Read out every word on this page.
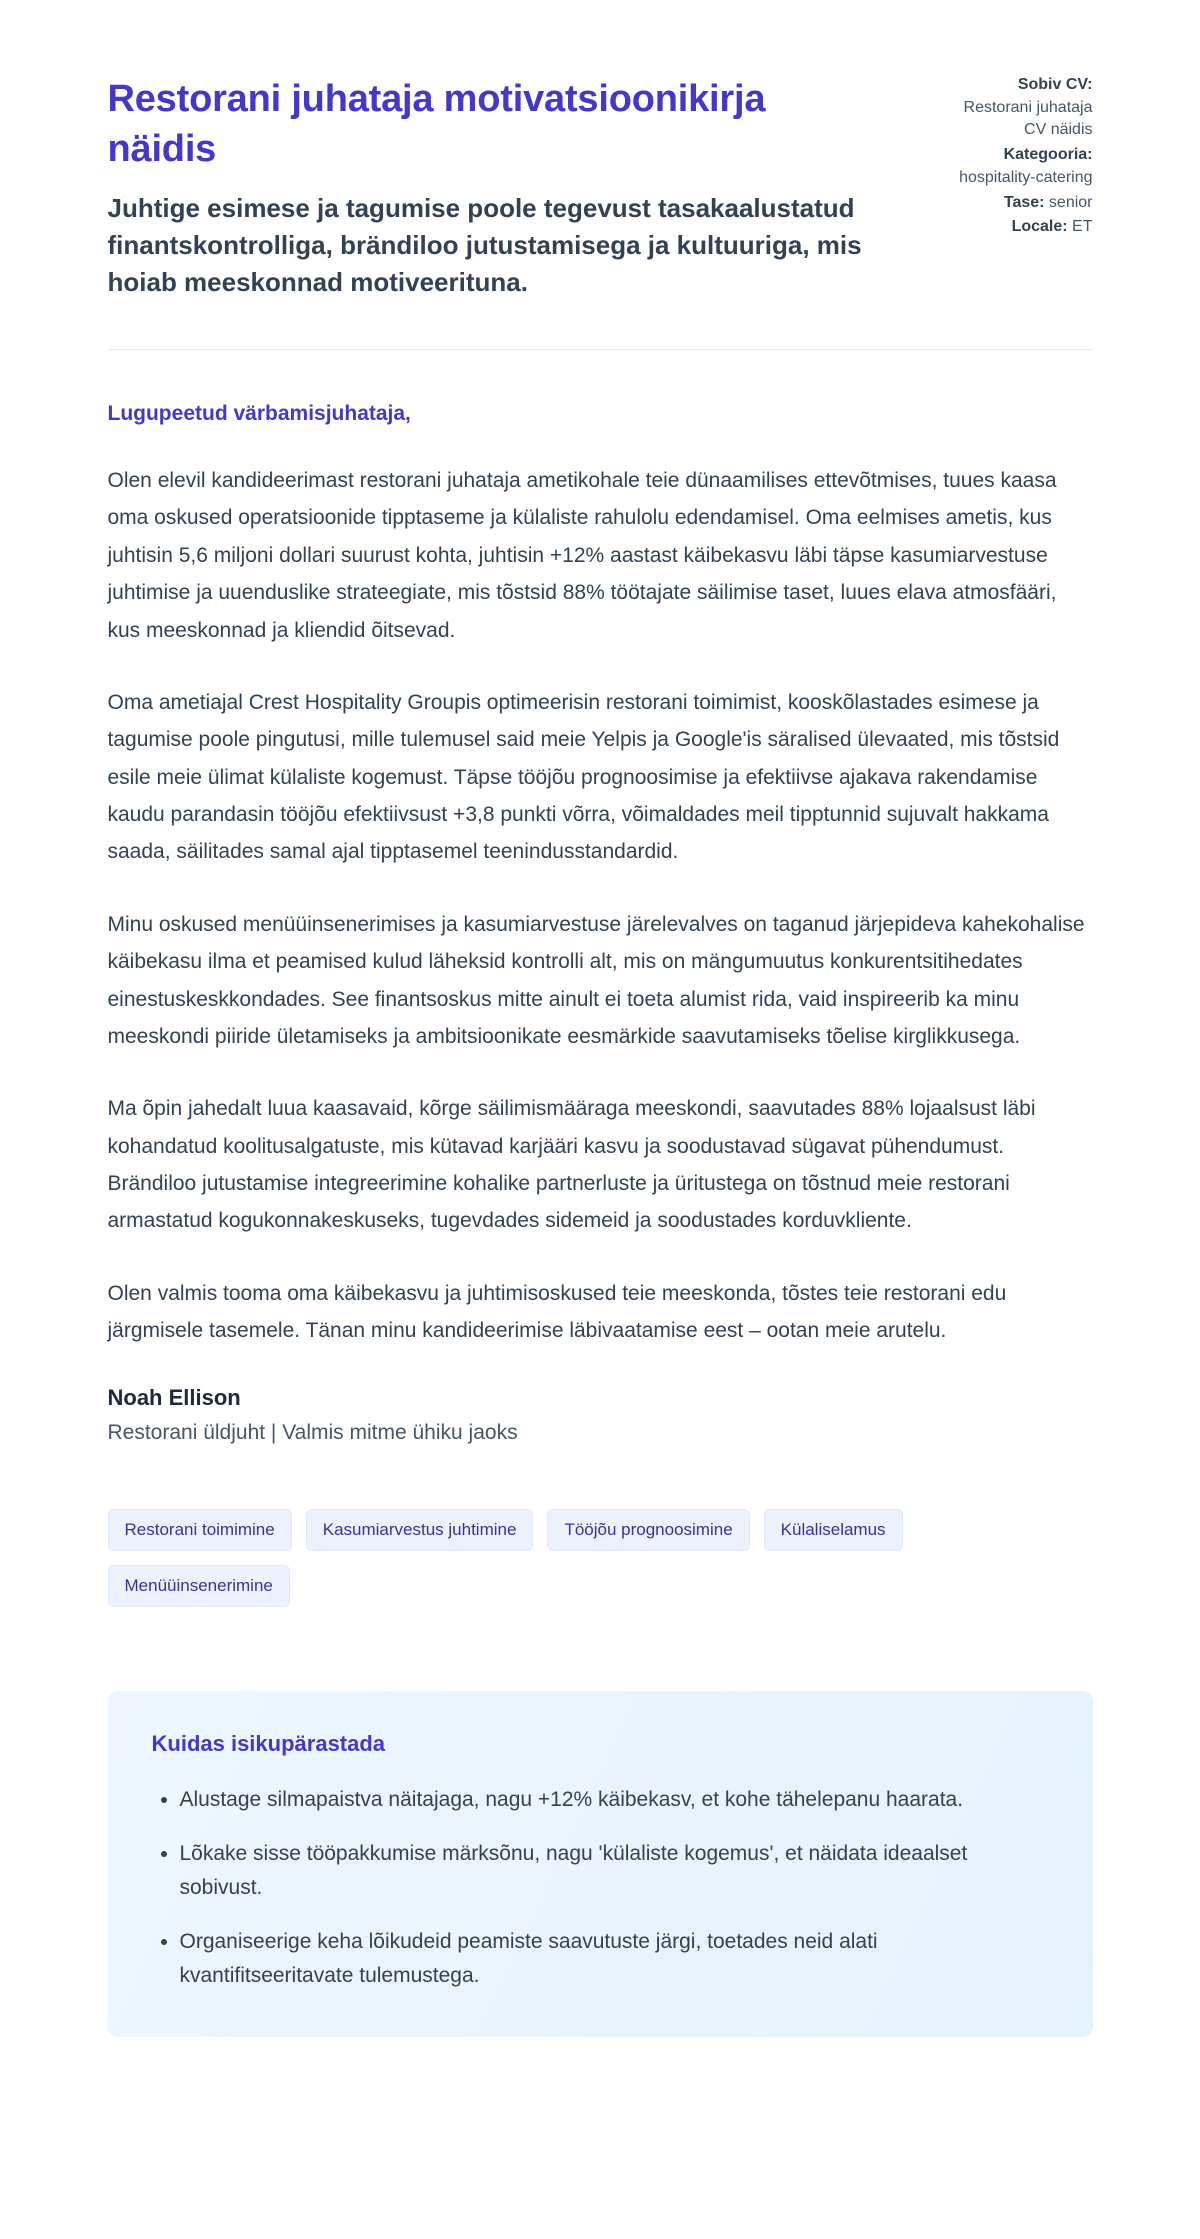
Restorani juhataja motivatsioonikirja näidis

Juhtige esimese ja tagumise poole tegevust tasakaalustatud finantskontrolliga, brändiloo jutustamisega ja kultuuriga, mis hoiab meeskonnad motiveerituna.

Sobiv CV: Restorani juhataja CV näidis
Kategooria: hospitality-catering
Tase: senior
Locale: ET

Lugupeetud värbamisjuhataja,

Olen elevil kandideerimast restorani juhataja ametikohale teie dünaamilises ettevõtmises, tuues kaasa oma oskused operatsioonide tipptaseme ja külaliste rahulolu edendamisel. Oma eelmises ametis, kus juhtisin 5,6 miljoni dollari suurust kohta, juhtisin +12% aastast käibekasvu läbi täpse kasumiarvestuse juhtimise ja uuenduslike strateegiate, mis tõstsid 88% töötajate säilimise taset, luues elava atmosfääri, kus meeskonnad ja kliendid õitsevad.

Oma ametiajal Crest Hospitality Groupis optimeerisin restorani toimimist, kooskõlastades esimese ja tagumise poole pingutusi, mille tulemusel said meie Yelpis ja Google'is säralised ülevaated, mis tõstsid esile meie ülimat külaliste kogemust. Täpse tööjõu prognoosimise ja efektiivse ajakava rakendamise kaudu parandasin tööjõu efektiivsust +3,8 punkti võrra, võimaldades meil tipptunnid sujuvalt hakkama saada, säilitades samal ajal tipptasemel teenindusstandardid.

Minu oskused menüüinsenerimises ja kasumiarvestuse järelevalves on taganud järjepideva kahekohalise käibekasu ilma et peamised kulud läheksid kontrolli alt, mis on mängumuutus konkurentsitihedates einestuskeskkondades. See finantsoskus mitte ainult ei toeta alumist rida, vaid inspireerib ka minu meeskondi piiride ületamiseks ja ambitsioonikate eesmärkide saavutamiseks tõelise kirglikkusega.

Ma õpin jahedalt luua kaasavaid, kõrge säilimismääraga meeskondi, saavutades 88% lojaalsust läbi kohandatud koolitusalgatuste, mis kütavad karjääri kasvu ja soodustavad sügavat pühendumust. Brändiloo jutustamise integreerimine kohalike partnerluste ja üritustega on tõstnud meie restorani armastatud kogukonnakeskuseks, tugevdades sidemeid ja soodustades korduvkliente.

Olen valmis tooma oma käibekasvu ja juhtimisoskused teie meeskonda, tõstes teie restorani edu järgmisele tasemele. Tänan minu kandideerimise läbivaatamise eest – ootan meie arutelu.

Noah Ellison

Restorani üldjuht | Valmis mitme ühiku jaoks

Restorani toimimine	Kasumiarvestus juhtimine	Tööjõu prognoosimine	Külaliselamus
Menüüinsenerimine
Kuidas isikupärastada
• Alustage silmapaistva näitajaga, nagu +12% käibekasv, et kohe tähelepanu haarata.
• Lõkake sisse tööpakkumise märksõnu, nagu 'külaliste kogemus', et näidata ideaalset sobivust.
• Organiseerige keha lõikudeid peamiste saavutuste järgi, toetades neid alati kvantifitseeritavate tulemustega.
